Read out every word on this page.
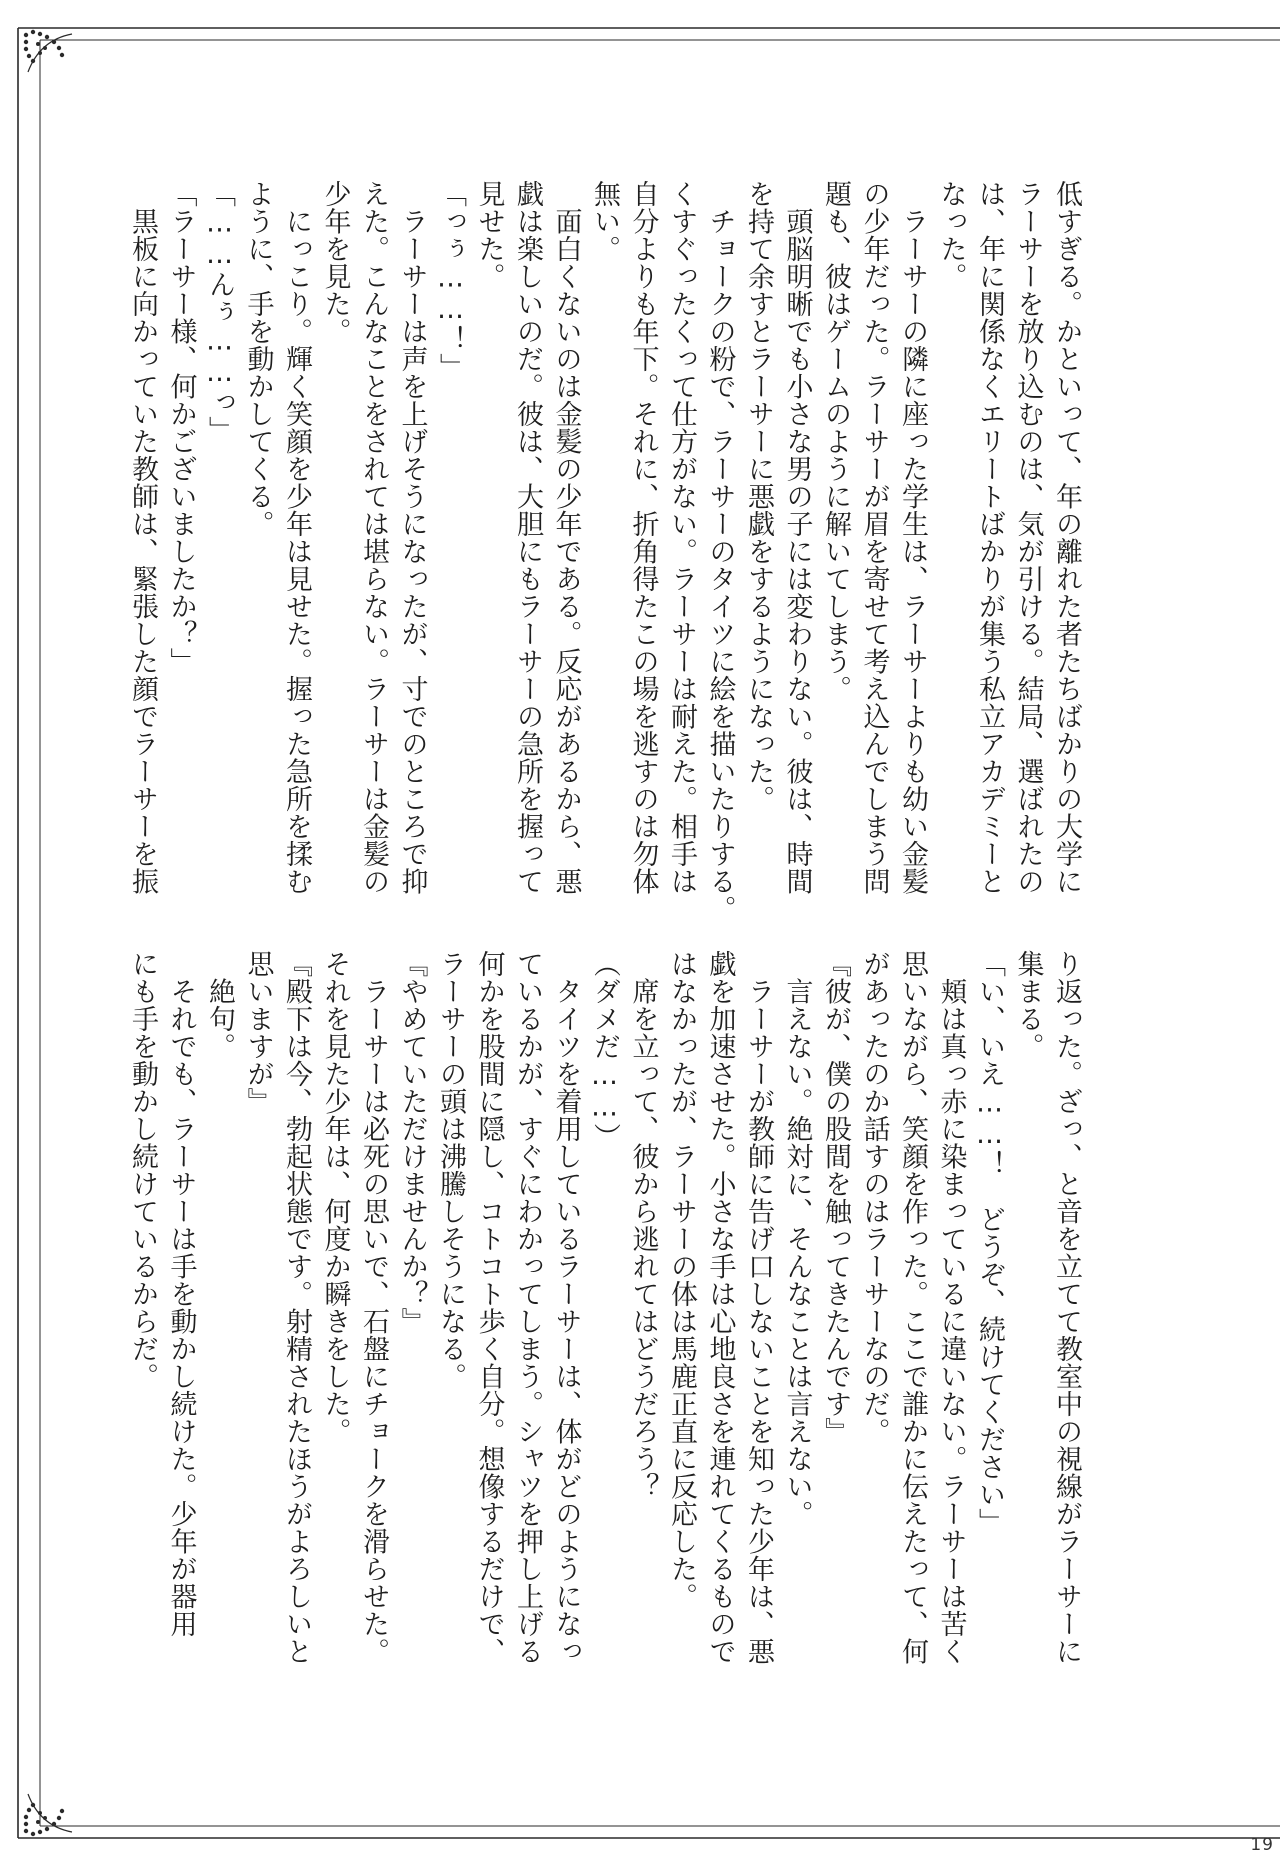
低すぎる。かといって、年の離れた者たちばかりの大学に
ラーサーを放り込むのは、気が引ける。結局、選ばれたの
は、年に関係なくエリートばかりが集う私立アカデミーと
なった。
　ラーサーの隣に座った学生は、ラーサーよりも幼い金髪
の少年だった。ラーサーが眉を寄せて考え込んでしまう問
題も、彼はゲームのように解いてしまう。
　頭脳明晰でも小さな男の子には変わりない。彼は、時間
を持て余すとラーサーに悪戯をするようになった。
　チョークの粉で、ラーサーのタイツに絵を描いたりする。
くすぐったくって仕方がない。ラーサーは耐えた。相手は
自分よりも年下。それに、折角得たこの場を逃すのは勿体
無い。
　面白くないのは金髪の少年である。反応があるから、悪
戯は楽しいのだ。彼は、大胆にもラーサーの急所を握って
見せた。
「っぅ……！」
　ラーサーは声を上げそうになったが、寸でのところで抑
えた。こんなことをされては堪らない。ラーサーは金髪の
少年を見た。
　にっこり。輝く笑顔を少年は見せた。握った急所を揉む
ように、手を動かしてくる。
「……んぅ……っ」
「ラーサー様、何かございましたか？」
　黒板に向かっていた教師は、緊張した顔でラーサーを振
り返った。ざっ、と音を立てて教室中の視線がラーサーに
集まる。
「い、いえ……！　どうぞ、続けてください」
　頬は真っ赤に染まっているに違いない。ラーサーは苦く
思いながら、笑顔を作った。ここで誰かに伝えたって、何
があったのか話すのはラーサーなのだ。
『彼が、僕の股間を触ってきたんです』
　言えない。絶対に、そんなことは言えない。
　ラーサーが教師に告げ口しないことを知った少年は、悪
戯を加速させた。小さな手は心地良さを連れてくるもので
はなかったが、ラーサーの体は馬鹿正直に反応した。
　席を立って、彼から逃れてはどうだろう？
（ダメだ……）
　タイツを着用しているラーサーは、体がどのようになっ
ているかが、すぐにわかってしまう。シャツを押し上げる
何かを股間に隠し、コトコト歩く自分。想像するだけで、
ラーサーの頭は沸騰しそうになる。
『やめていただけませんか？』
　ラーサーは必死の思いで、石盤にチョークを滑らせた。
それを見た少年は、何度か瞬きをした。
『殿下は今、勃起状態です。射精されたほうがよろしいと
思いますが』
　絶句。
　それでも、ラーサーは手を動かし続けた。少年が器用
にも手を動かし続けているからだ。
19
